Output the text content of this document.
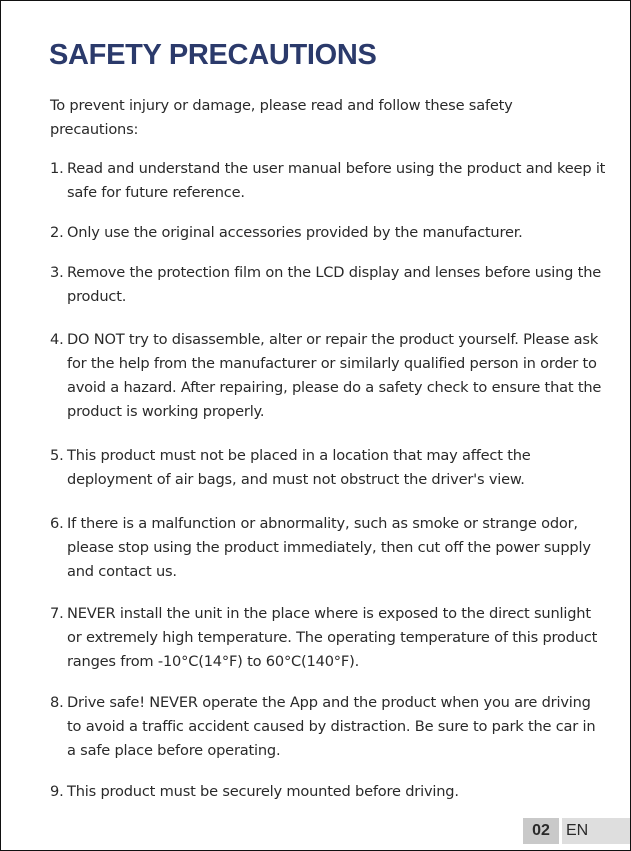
SAFETY PRECAUTIONS

To prevent injury or damage, please read and follow these safety precautions:

1. Read and understand the user manual before using the product and keep it safe for future reference.
2. Only use the original accessories provided by the manufacturer.
3. Remove the protection film on the LCD display and lenses before using the product.
4. DO NOT try to disassemble, alter or repair the product yourself. Please ask for the help from the manufacturer or similarly qualified person in order to avoid a hazard. After repairing, please do a safety check to ensure that the product is working properly.
5. This product must not be placed in a location that may affect the deployment of air bags, and must not obstruct the driver's view.
6. If there is a malfunction or abnormality, such as smoke or strange odor, please stop using the product immediately, then cut off the power supply and contact us.
7. NEVER install the unit in the place where is exposed to the direct sunlight or extremely high temperature. The operating temperature of this product ranges from -10°C(14°F) to 60°C(140°F).
8. Drive safe! NEVER operate the App and the product when you are driving to avoid a traffic accident caused by distraction. Be sure to park the car in a safe place before operating.
9. This product must be securely mounted before driving.
02	EN
